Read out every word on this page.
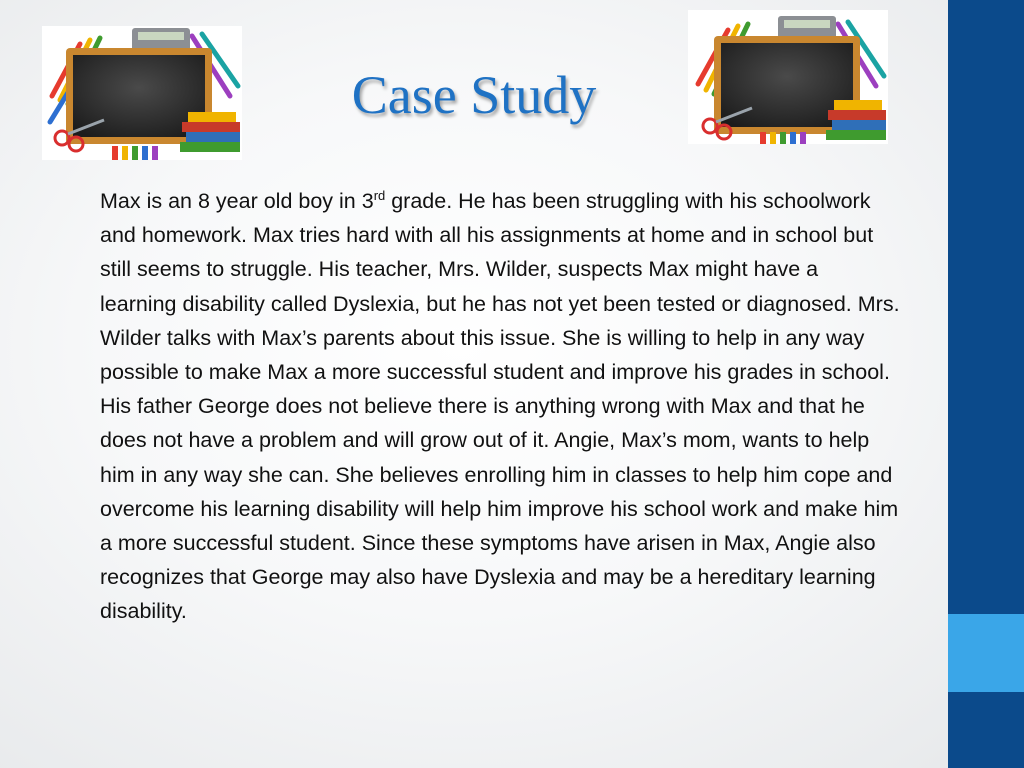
Case Study

Max is an 8 year old boy in 3rd grade. He has been struggling with his schoolwork and homework. Max tries hard with all his assignments at home and in school but still seems to struggle. His teacher, Mrs. Wilder, suspects Max might have a learning disability called Dyslexia, but he has not yet been tested or diagnosed. Mrs. Wilder talks with Max’s parents about this issue. She is willing to help in any way possible to make Max a more successful student and improve his grades in school. His father George does not believe there is anything wrong with Max and that he does not have a problem and will grow out of it. Angie, Max’s mom, wants to help him in any way she can. She believes enrolling him in classes to help him cope and overcome his learning disability will help him improve his school work and make him a more successful student. Since these symptoms have arisen in Max, Angie also recognizes that George may also have Dyslexia and may be a hereditary learning disability.
